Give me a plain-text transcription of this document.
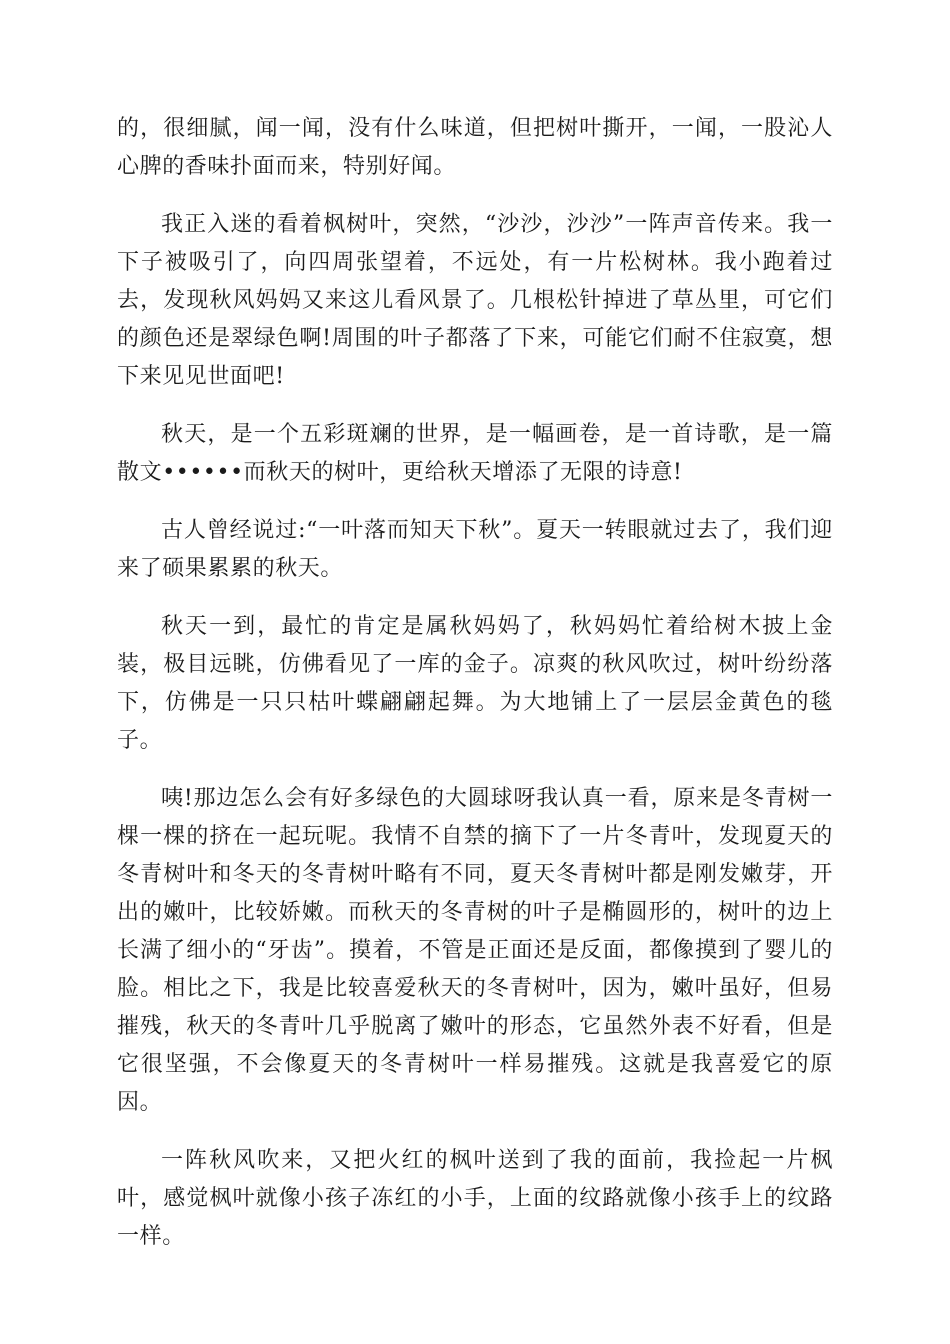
的，很细腻，闻一闻，没有什么味道，但把树叶撕开，一闻，一股沁人心脾的香味扑面而来，特别好闻。

我正入迷的看着枫树叶，突然，“沙沙，沙沙”一阵声音传来。我一下子被吸引了，向四周张望着，不远处，有一片松树林。我小跑着过去，发现秋风妈妈又来这儿看风景了。几根松针掉进了草丛里，可它们的颜色还是翠绿色啊!周围的叶子都落了下来，可能它们耐不住寂寞，想下来见见世面吧!

秋天，是一个五彩斑斓的世界，是一幅画卷，是一首诗歌，是一篇散文••••••而秋天的树叶，更给秋天增添了无限的诗意!

古人曾经说过:“一叶落而知天下秋”。夏天一转眼就过去了，我们迎来了硕果累累的秋天。

秋天一到，最忙的肯定是属秋妈妈了，秋妈妈忙着给树木披上金装，极目远眺，仿佛看见了一库的金子。凉爽的秋风吹过，树叶纷纷落下，仿佛是一只只枯叶蝶翩翩起舞。为大地铺上了一层层金黄色的毯子。

咦!那边怎么会有好多绿色的大圆球呀我认真一看，原来是冬青树一棵一棵的挤在一起玩呢。我情不自禁的摘下了一片冬青叶，发现夏天的冬青树叶和冬天的冬青树叶略有不同，夏天冬青树叶都是刚发嫩芽，开出的嫩叶，比较娇嫩。而秋天的冬青树的叶子是椭圆形的，树叶的边上长满了细小的“牙齿”。摸着，不管是正面还是反面，都像摸到了婴儿的脸。相比之下，我是比较喜爱秋天的冬青树叶，因为，嫩叶虽好，但易摧残，秋天的冬青叶几乎脱离了嫩叶的形态，它虽然外表不好看，但是它很坚强，不会像夏天的冬青树叶一样易摧残。这就是我喜爱它的原因。

一阵秋风吹来，又把火红的枫叶送到了我的面前，我捡起一片枫叶，感觉枫叶就像小孩子冻红的小手，上面的纹路就像小孩手上的纹路一样。
